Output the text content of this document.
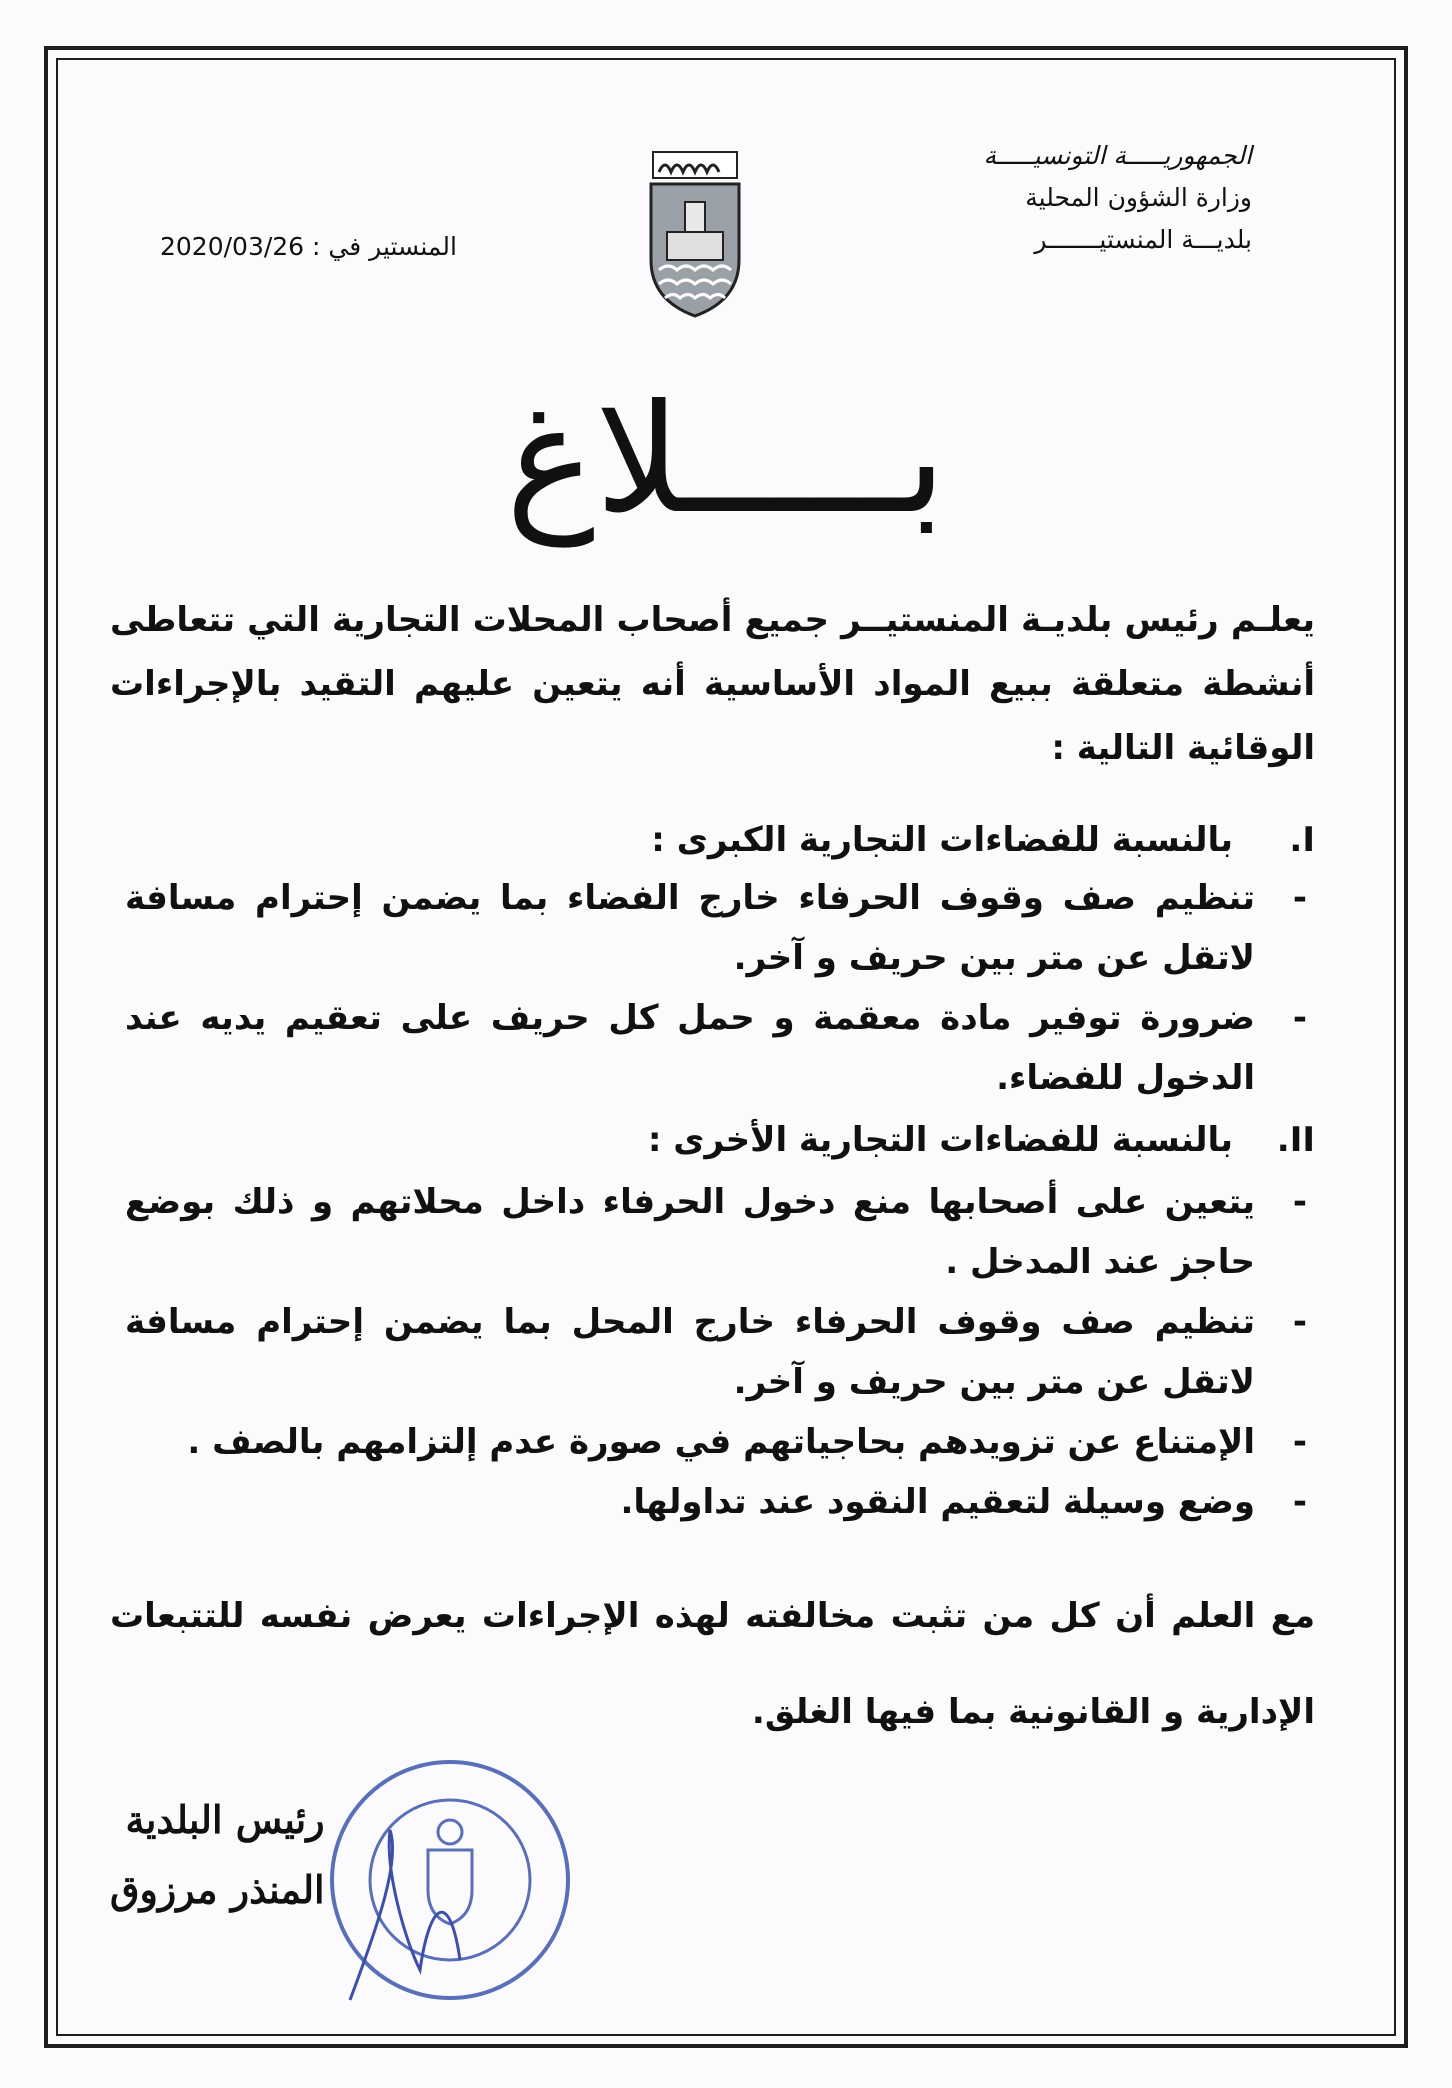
الجمهوريـــــة التونسيـــــة
وزارة الشؤون المحلية
بلديـــة المنستيـــــــر
المنستير في : 2020/03/26
بـــــلاغ
يعلـم رئيس بلديـة المنستيــر جميع أصحاب المحلات التجارية التي تتعاطى أنشطة متعلقة ببيع المواد الأساسية أنه يتعين عليهم التقيد بالإجراءات الوقائية التالية :
I.بالنسبة للفضاءات التجارية الكبرى :
- تنظيم صف وقوف الحرفاء خارج الفضاء بما يضمن إحترام مسافة لاتقل عن متر بين حريف و آخر.
- ضرورة توفير مادة معقمة و حمل كل حريف على تعقيم يديه عند الدخول للفضاء.
II.بالنسبة للفضاءات التجارية الأخرى :
- يتعين على أصحابها منع دخول الحرفاء داخل محلاتهم و ذلك بوضع حاجز عند المدخل .
- تنظيم صف وقوف الحرفاء خارج المحل بما يضمن إحترام مسافة لاتقل عن متر بين حريف و آخر.
- الإمتناع عن تزويدهم بحاجياتهم في صورة عدم إلتزامهم بالصف .
- وضع وسيلة لتعقيم النقود عند تداولها.
مع العلم أن كل من تثبت مخالفته لهذه الإجراءات يعرض نفسه للتتبعات الإدارية و القانونية بما فيها الغلق.
رئيس البلدية
المنذر مرزوق
